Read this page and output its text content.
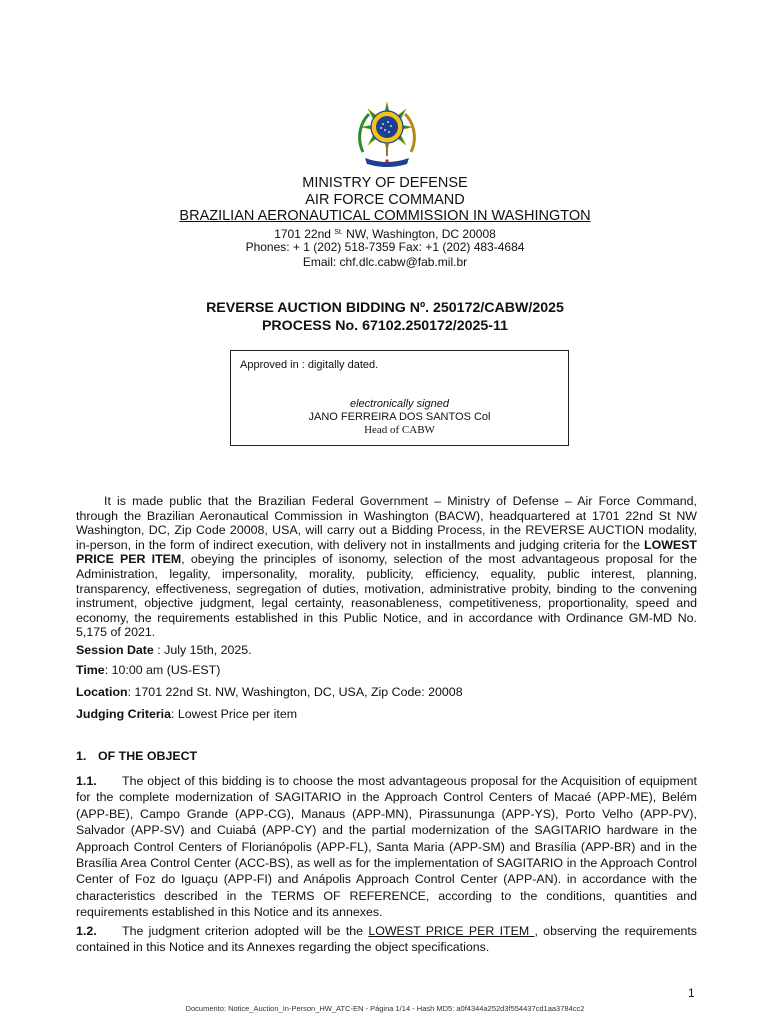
MINISTRY OF DEFENSE
AIR FORCE COMMAND
BRAZILIAN AERONAUTICAL COMMISSION IN WASHINGTON
1701 22nd $^{St.}$ NW, Washington, DC 20008
Phones: + 1 (202) 518-7359 Fax: +1 (202) 483-4684
Email: chf.dlc.cabw@fab.mil.br
REVERSE AUCTION BIDDING Nº. 250172/CABW/2025
PROCESS No. 67102.250172/2025-11
Approved in : digitally dated.
electronically signed
JANO FERREIRA DOS SANTOS Col
Head of CABW
It is made public that the Brazilian Federal Government – Ministry of Defense – Air Force Command, through the Brazilian Aeronautical Commission in Washington (BACW), headquartered at 1701 22nd St NW Washington, DC, Zip Code 20008, USA, will carry out a Bidding Process, in the REVERSE AUCTION modality, in-person, in the form of indirect execution, with delivery not in installments and judging criteria for the LOWEST PRICE PER ITEM, obeying the principles of isonomy, selection of the most advantageous proposal for the Administration, legality, impersonality, morality, publicity, efficiency, equality, public interest, planning, transparency, effectiveness, segregation of duties, motivation, administrative probity, binding to the convening instrument, objective judgment, legal certainty, reasonableness, competitiveness, proportionality, speed and economy, the requirements established in this Public Notice, and in accordance with Ordinance GM-MD No. 5,175 of 2021.
Session Date : July 15th, 2025.
Time: 10:00 am (US-EST)
Location: 1701 22nd St. NW, Washington, DC, USA, Zip Code: 20008
Judging Criteria: Lowest Price per item
1. OF THE OBJECT
1.1. The object of this bidding is to choose the most advantageous proposal for the Acquisition of equipment for the complete modernization of SAGITARIO in the Approach Control Centers of Macaé (APP-ME), Belém (APP-BE), Campo Grande (APP-CG), Manaus (APP-MN), Pirassununga (APP-YS), Porto Velho (APP-PV), Salvador (APP-SV) and Cuiabá (APP-CY) and the partial modernization of the SAGITARIO hardware in the Approach Control Centers of Florianópolis (APP-FL), Santa Maria (APP-SM) and Brasília (APP-BR) and in the Brasília Area Control Center (ACC-BS), as well as for the implementation of SAGITARIO in the Approach Control Center of Foz do Iguaçu (APP-FI) and Anápolis Approach Control Center (APP-AN). in accordance with the characteristics described in the TERMS OF REFERENCE, according to the conditions, quantities and requirements established in this Notice and its annexes.
1.2. The judgment criterion adopted will be the LOWEST PRICE PER ITEM , observing the requirements contained in this Notice and its Annexes regarding the object specifications.
1
Documento: Notice_Auction_In-Person_HW_ATC-EN - Página 1/14 - Hash MD5: a0f4344a252d3f554437cd1aa3784cc2
